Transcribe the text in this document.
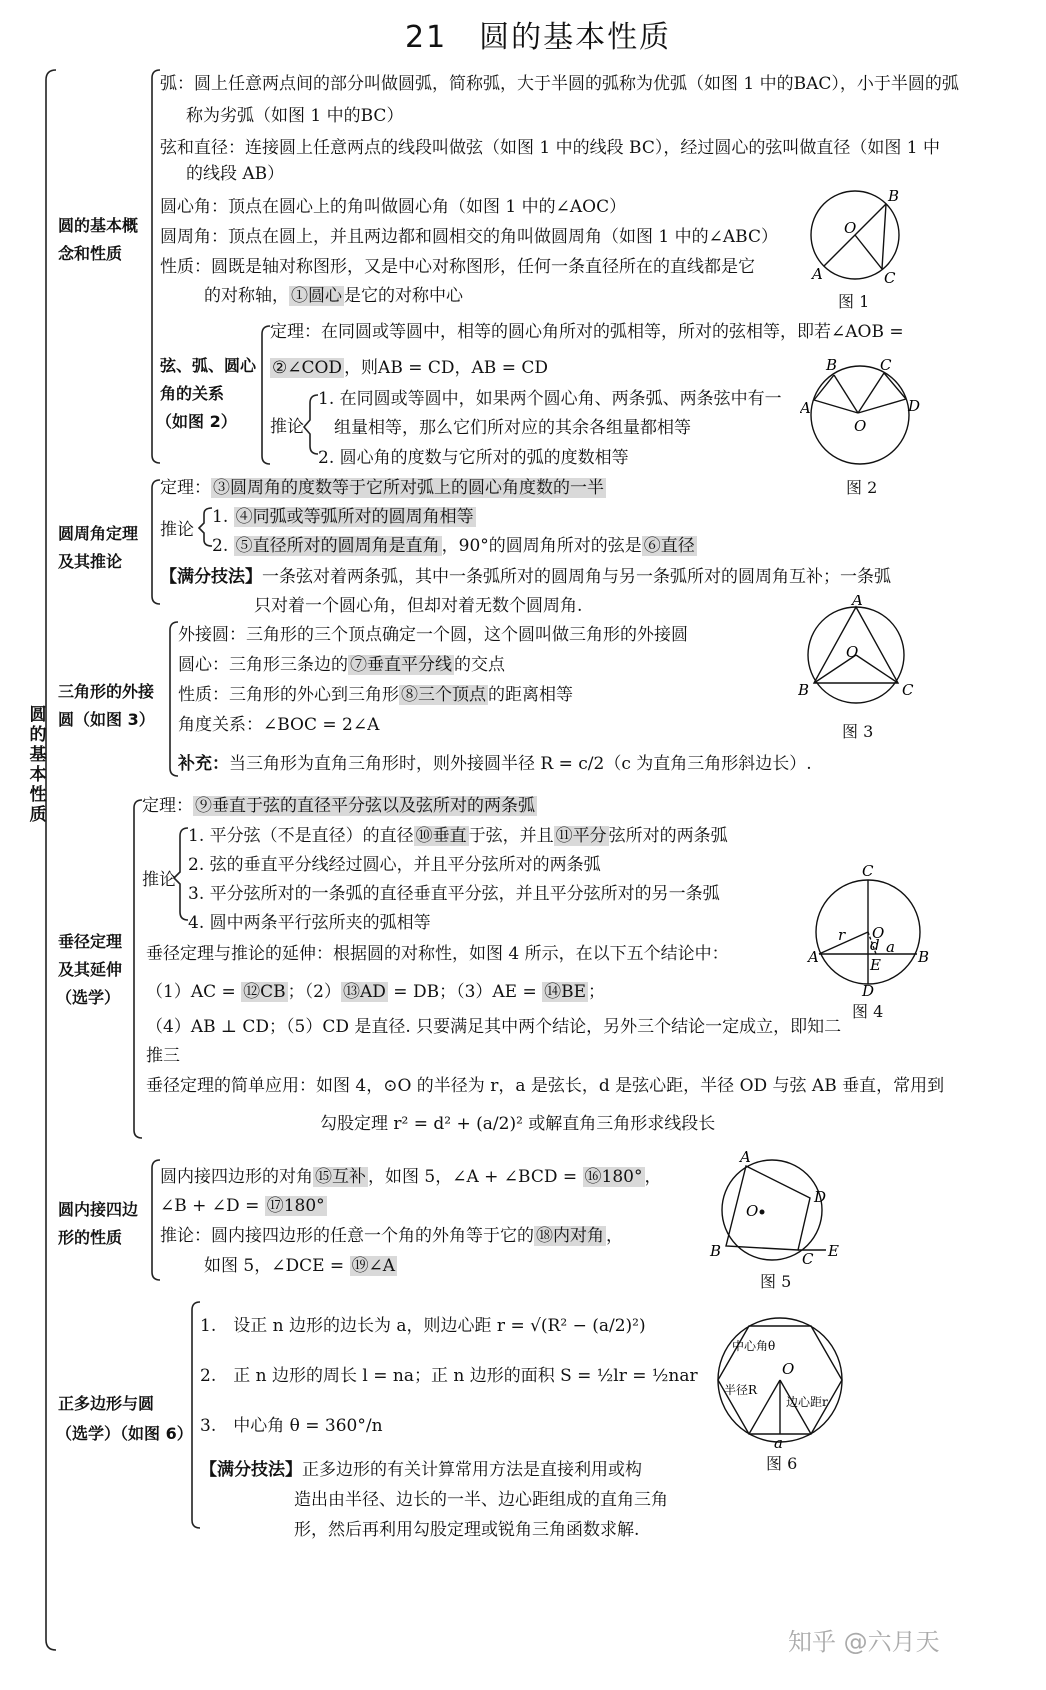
21　圆的基本性质
圆的基本性质
圆的基本概
念和性质
弧：圆上任意两点间的部分叫做圆弧，简称弧，大于半圆的弧称为优弧（如图 1 中的BAC），小于半圆的弧
称为劣弧（如图 1 中的BC）
弦和直径：连接圆上任意两点的线段叫做弦（如图 1 中的线段 BC），经过圆心的弦叫做直径（如图 1 中
的线段 AB）
圆心角：顶点在圆心上的角叫做圆心角（如图 1 中的∠AOC）
圆周角：顶点在圆上，并且两边都和圆相交的角叫做圆周角（如图 1 中的∠ABC）
性质：圆既是轴对称图形，又是中心对称图形，任何一条直径所在的直线都是它
的对称轴， ①圆心 是它的对称中心
B
O
A	C
图 1
弦、弧、圆心
角的关系
（如图 2）
定理：在同圆或等圆中，相等的圆心角所对的弧相等，所对的弦相等，即若∠AOB =
②∠COD ，则AB = CD，AB = CD
推论
1. 在同圆或等圆中，如果两个圆心角、两条弧、两条弦中有一
组量相等，那么它们所对应的其余各组量都相等
2. 圆心角的度数与它所对的弧的度数相等
B	C
A	D
O
图 2
圆周角定理
及其推论
定理： ③圆周角的度数等于它所对弧上的圆心角度数的一半
推论
1. ④同弧或等弧所对的圆周角相等
2. ⑤直径所对的圆周角是直角 ，90°的圆周角所对的弦是 ⑥直径
【满分技法】一条弦对着两条弧，其中一条弧所对的圆周角与另一条弧所对的圆周角互补；一条弧
只对着一个圆心角，但却对着无数个圆周角.
三角形的外接
圆（如图 3）
外接圆：三角形的三个顶点确定一个圆，这个圆叫做三角形的外接圆
圆心：三角形三条边的 ⑦垂直平分线 的交点
性质：三角形的外心到三角形 ⑧三个顶点 的距离相等
角度关系：∠BOC = 2∠A
补充：当三角形为直角三角形时，则外接圆半径 R = c/2（c 为直角三角形斜边长）.
A
O
B	C
图 3
垂径定理
及其延伸
（选学）
定理： ⑨垂直于弦的直径平分弦以及弦所对的两条弧
推论
1. 平分弦（不是直径）的直径 ⑩垂直 于弦，并且 ⑪平分 弦所对的两条弧
2. 弦的垂直平分线经过圆心，并且平分弦所对的两条弧
3. 平分弦所对的一条弧的直径垂直平分弦，并且平分弦所对的另一条弧
4. 圆中两条平行弦所夹的弧相等
垂径定理与推论的延伸：根据圆的对称性，如图 4 所示，在以下五个结论中：
（1）AC = ⑫CB ；（2） ⑬AD = DB；（3）AE = ⑭BE ；
（4）AB ⊥ CD；（5）CD 是直径. 只要满足其中两个结论，另外三个结论一定成立，即知二
推三
垂径定理的简单应用：如图 4，⊙O 的半径为 r，a 是弦长，d 是弦心距，半径 OD 与弦 AB 垂直，常用到
勾股定理 r² = d² + (a/2)² 或解直角三角形求线段长
C
O
r
d a
A	E B
D
图 4
圆内接四边
形的性质
圆内接四边形的对角 ⑮互补 ，如图 5，∠A + ∠BCD = ⑯180° ，
∠B + ∠D = ⑰180°
推论：圆内接四边形的任意一个角的外角等于它的 ⑱内对角 ，
如图 5，∠DCE = ⑲∠A
A
D
O
B	C E
图 5
正多边形与圆
（选学）（如图 6）
1.　设正 n 边形的边长为 a，则边心距 r = √(R² − (a/2)²)
2.　正 n 边形的周长 l = na；正 n 边形的面积 S = ½lr = ½nar
3.　中心角 θ = 360°/n
【满分技法】正多边形的有关计算常用方法是直接利用或构
造出由半径、边长的一半、边心距组成的直角三角
形，然后再利用勾股定理或锐角三角函数求解.
中心角θ
O
半径R
边心距r
a
图 6
知乎 @六月天
